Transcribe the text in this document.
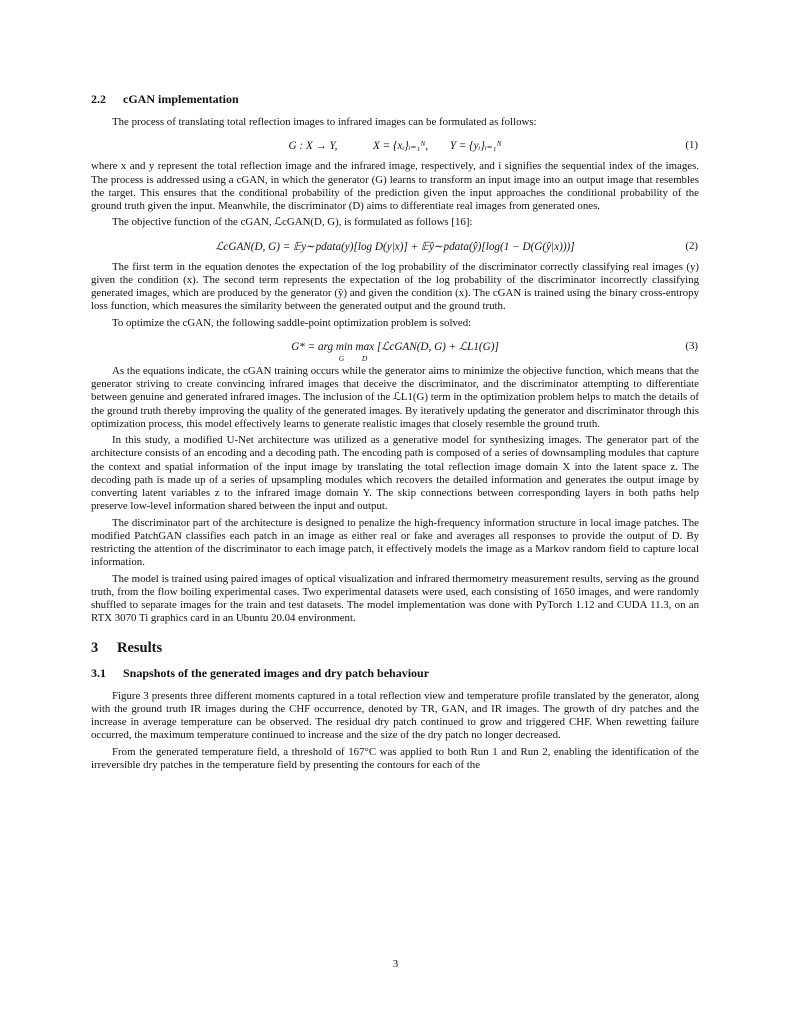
2.2 cGAN implementation

The process of translating total reflection images to infrared images can be formulated as follows:

G : X → Y,	X = {xᵢ}ᵢ₌₁ᴺ, Y = {yᵢ}ᵢ₌₁ᴺ	(1)

where x and y represent the total reflection image and the infrared image, respectively, and i signifies the sequential index of the images. The process is addressed using a cGAN, in which the generator (G) learns to transform an input image into an output image that resembles the target. This ensures that the conditional probability of the prediction given the input approaches the conditional probability of the ground truth given the input. Meanwhile, the discriminator (D) aims to differentiate real images from generated ones.

The objective function of the cGAN, ℒcGAN(D, G), is formulated as follows [16]:

ℒcGAN(D, G) = 𝔼y∼pdata(y)[log D(y|x)] + 𝔼ŷ∼pdata(ŷ)[log(1 − D(G(ŷ|x)))]	(2)

The first term in the equation denotes the expectation of the log probability of the discriminator correctly classifying real images (y) given the condition (x). The second term represents the expectation of the log probability of the discriminator incorrectly classifying generated images, which are produced by the generator (ŷ) and given the condition (x). The cGAN is trained using the binary cross-entropy loss function, which measures the similarity between the generated output and the ground truth.

To optimize the cGAN, the following saddle-point optimization problem is solved:

G* = arg min max [ℒcGAN(D, G) + ℒL1(G)]
G D
(3)

As the equations indicate, the cGAN training occurs while the generator aims to minimize the objective function, which means that the generator striving to create convincing infrared images that deceive the discriminator, and the discriminator attempting to differentiate between genuine and generated infrared images. The inclusion of the ℒL1(G) term in the optimization problem helps to match the details of the ground truth thereby improving the quality of the generated images. By iteratively updating the generator and discriminator through this optimization process, this model effectively learns to generate realistic images that closely resemble the ground truth.

In this study, a modified U-Net architecture was utilized as a generative model for synthesizing images. The generator part of the architecture consists of an encoding and a decoding path. The encoding path is composed of a series of downsampling modules that capture the context and spatial information of the input image by translating the total reflection image domain X into the latent space z. The decoding path is made up of a series of upsampling modules which recovers the detailed information and generates the output image by converting latent variables z to the infrared image domain Y. The skip connections between corresponding layers in both paths help preserve low-level information shared between the input and output.

The discriminator part of the architecture is designed to penalize the high-frequency information structure in local image patches. The modified PatchGAN classifies each patch in an image as either real or fake and averages all responses to provide the output of D. By restricting the attention of the discriminator to each image patch, it effectively models the image as a Markov random field to capture local information.

The model is trained using paired images of optical visualization and infrared thermometry measurement results, serving as the ground truth, from the flow boiling experimental cases. Two experimental datasets were used, each consisting of 1650 images, and were randomly shuffled to separate images for the train and test datasets. The model implementation was done with PyTorch 1.12 and CUDA 11.3, on an RTX 3070 Ti graphics card in an Ubuntu 20.04 environment.

3 Results
3.1 Snapshots of the generated images and dry patch behaviour

Figure 3 presents three different moments captured in a total reflection view and temperature profile translated by the generator, along with the ground truth IR images during the CHF occurrence, denoted by TR, GAN, and IR images. The growth of dry patches and the increase in average temperature can be observed. The residual dry patch continued to grow and triggered CHF. When rewetting failure occurred, the maximum temperature continued to increase and the size of the dry patch no longer decreased.

From the generated temperature field, a threshold of 167°C was applied to both Run 1 and Run 2, enabling the identification of the irreversible dry patches in the temperature field by presenting the contours for each of the

3
